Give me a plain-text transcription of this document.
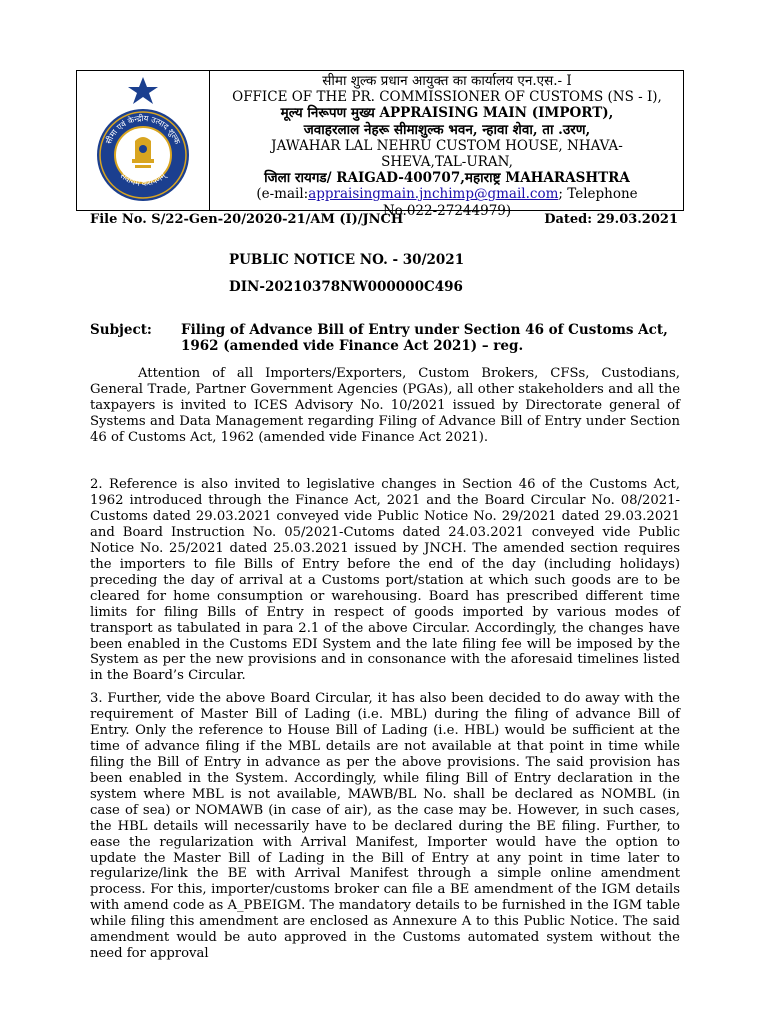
सीमा एवं केन्द्रीय उत्पाद शुल्क
सेवार्थम करार्पणम्
सीमा शुल्क प्रधान आयुक्त का कार्यालय एन.एस.- I
OFFICE OF THE PR. COMMISSIONER OF CUSTOMS (NS - I),
मूल्य निरूपण मुख्य APPRAISING MAIN (IMPORT),
जवाहरलाल नेहरू सीमाशुल्क भवन, न्हावा शेवा, ता .उरण,
JAWAHAR LAL NEHRU CUSTOM HOUSE, NHAVA-
SHEVA,TAL-URAN,
जिला रायगड/ RAIGAD-400707,महाराष्ट्र MAHARASHTRA
(e-mail:appraisingmain.jnchimp@gmail.com; Telephone
No.022-27244979)
File No. S/22-Gen-20/2020-21/AM (I)/JNCH	Dated: 29.03.2021
PUBLIC NOTICE NO. - 30/2021
DIN-20210378NW000000C496
Subject: Filing of Advance Bill of Entry under Section 46 of Customs Act, 1962 (amended vide Finance Act 2021) – reg.
Attention of all Importers/Exporters, Custom Brokers, CFSs, Custodians, General Trade, Partner Government Agencies (PGAs), all other stakeholders and all the taxpayers is invited to ICES Advisory No. 10/2021 issued by Directorate general of Systems and Data Management regarding Filing of Advance Bill of Entry under Section 46 of Customs Act, 1962 (amended vide Finance Act 2021).
2. Reference is also invited to legislative changes in Section 46 of the Customs Act, 1962 introduced through the Finance Act, 2021 and the Board Circular No. 08/2021-Customs dated 29.03.2021 conveyed vide Public Notice No. 29/2021 dated 29.03.2021 and Board Instruction No. 05/2021-Cutoms dated 24.03.2021 conveyed vide Public Notice No. 25/2021 dated 25.03.2021 issued by JNCH. The amended section requires the importers to file Bills of Entry before the end of the day (including holidays) preceding the day of arrival at a Customs port/station at which such goods are to be cleared for home consumption or warehousing. Board has prescribed different time limits for filing Bills of Entry in respect of goods imported by various modes of transport as tabulated in para 2.1 of the above Circular. Accordingly, the changes have been enabled in the Customs EDI System and the late filing fee will be imposed by the System as per the new provisions and in consonance with the aforesaid timelines listed in the Board’s Circular.
3. Further, vide the above Board Circular, it has also been decided to do away with the requirement of Master Bill of Lading (i.e. MBL) during the filing of advance Bill of Entry. Only the reference to House Bill of Lading (i.e. HBL) would be sufficient at the time of advance filing if the MBL details are not available at that point in time while filing the Bill of Entry in advance as per the above provisions. The said provision has been enabled in the System. Accordingly, while filing Bill of Entry declaration in the system where MBL is not available, MAWB/BL No. shall be declared as NOMBL (in case of sea) or NOMAWB (in case of air), as the case may be. However, in such cases, the HBL details will necessarily have to be declared during the BE filing. Further, to ease the regularization with Arrival Manifest, Importer would have the option to update the Master Bill of Lading in the Bill of Entry at any point in time later to regularize/link the BE with Arrival Manifest through a simple online amendment process. For this, importer/customs broker can file a BE amendment of the IGM details with amend code as A_PBEIGM. The mandatory details to be furnished in the IGM table while filing this amendment are enclosed as Annexure A to this Public Notice. The said amendment would be auto approved in the Customs automated system without the need for approval
